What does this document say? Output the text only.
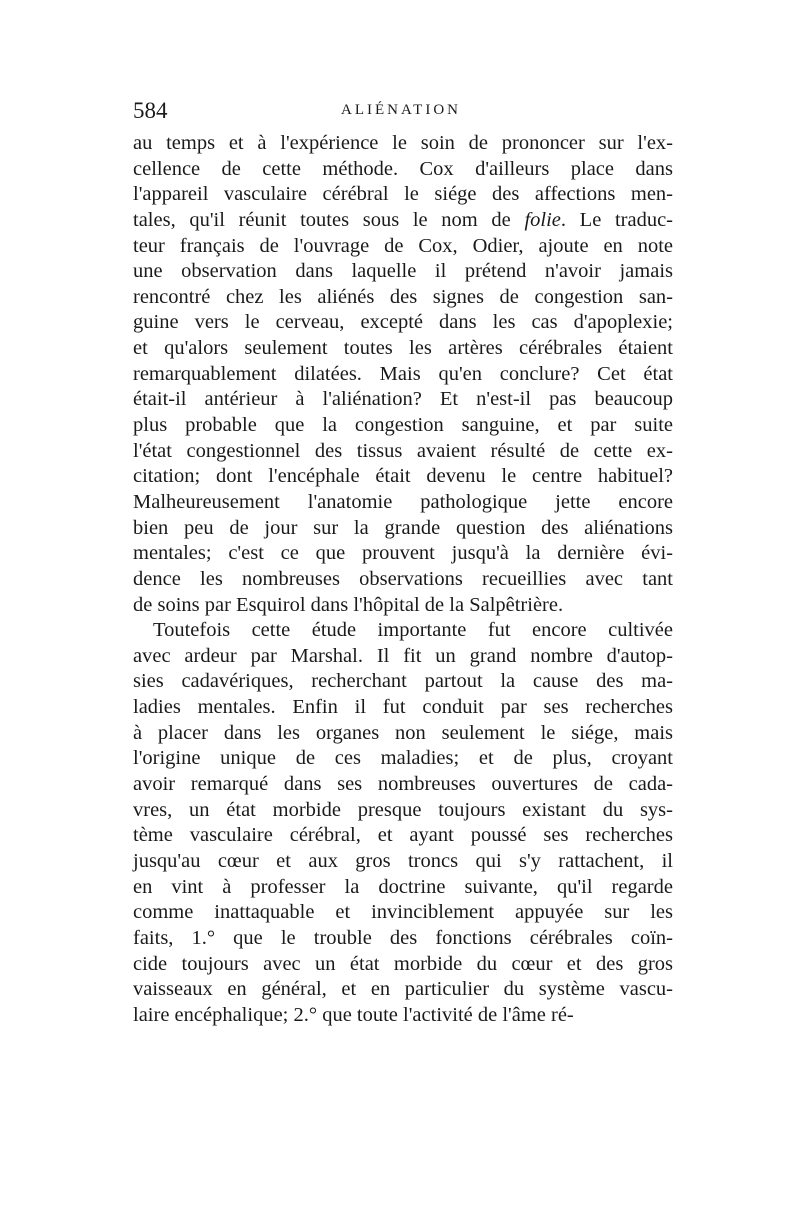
584	ALIÉNATION
au temps et à l'expérience le soin de prononcer sur l'ex-
cellence de cette méthode. Cox d'ailleurs place dans
l'appareil vasculaire cérébral le siége des affections men-
tales, qu'il réunit toutes sous le nom de folie. Le traduc-
teur français de l'ouvrage de Cox, Odier, ajoute en note
une observation dans laquelle il prétend n'avoir jamais
rencontré chez les aliénés des signes de congestion san-
guine vers le cerveau, excepté dans les cas d'apoplexie;
et qu'alors seulement toutes les artères cérébrales étaient
remarquablement dilatées. Mais qu'en conclure? Cet état
était-il antérieur à l'aliénation? Et n'est-il pas beaucoup
plus probable que la congestion sanguine, et par suite
l'état congestionnel des tissus avaient résulté de cette ex-
citation; dont l'encéphale était devenu le centre habituel?
Malheureusement l'anatomie pathologique jette encore
bien peu de jour sur la grande question des aliénations
mentales; c'est ce que prouvent jusqu'à la dernière évi-
dence les nombreuses observations recueillies avec tant
de soins par Esquirol dans l'hôpital de la Salpêtrière.
Toutefois cette étude importante fut encore cultivée
avec ardeur par Marshal. Il fit un grand nombre d'autop-
sies cadavériques, recherchant partout la cause des ma-
ladies mentales. Enfin il fut conduit par ses recherches
à placer dans les organes non seulement le siége, mais
l'origine unique de ces maladies; et de plus, croyant
avoir remarqué dans ses nombreuses ouvertures de cada-
vres, un état morbide presque toujours existant du sys-
tème vasculaire cérébral, et ayant poussé ses recherches
jusqu'au cœur et aux gros troncs qui s'y rattachent, il
en vint à professer la doctrine suivante, qu'il regarde
comme inattaquable et invinciblement appuyée sur les
faits, 1.° que le trouble des fonctions cérébrales coïn-
cide toujours avec un état morbide du cœur et des gros
vaisseaux en général, et en particulier du système vascu-
laire encéphalique; 2.° que toute l'activité de l'âme ré-
